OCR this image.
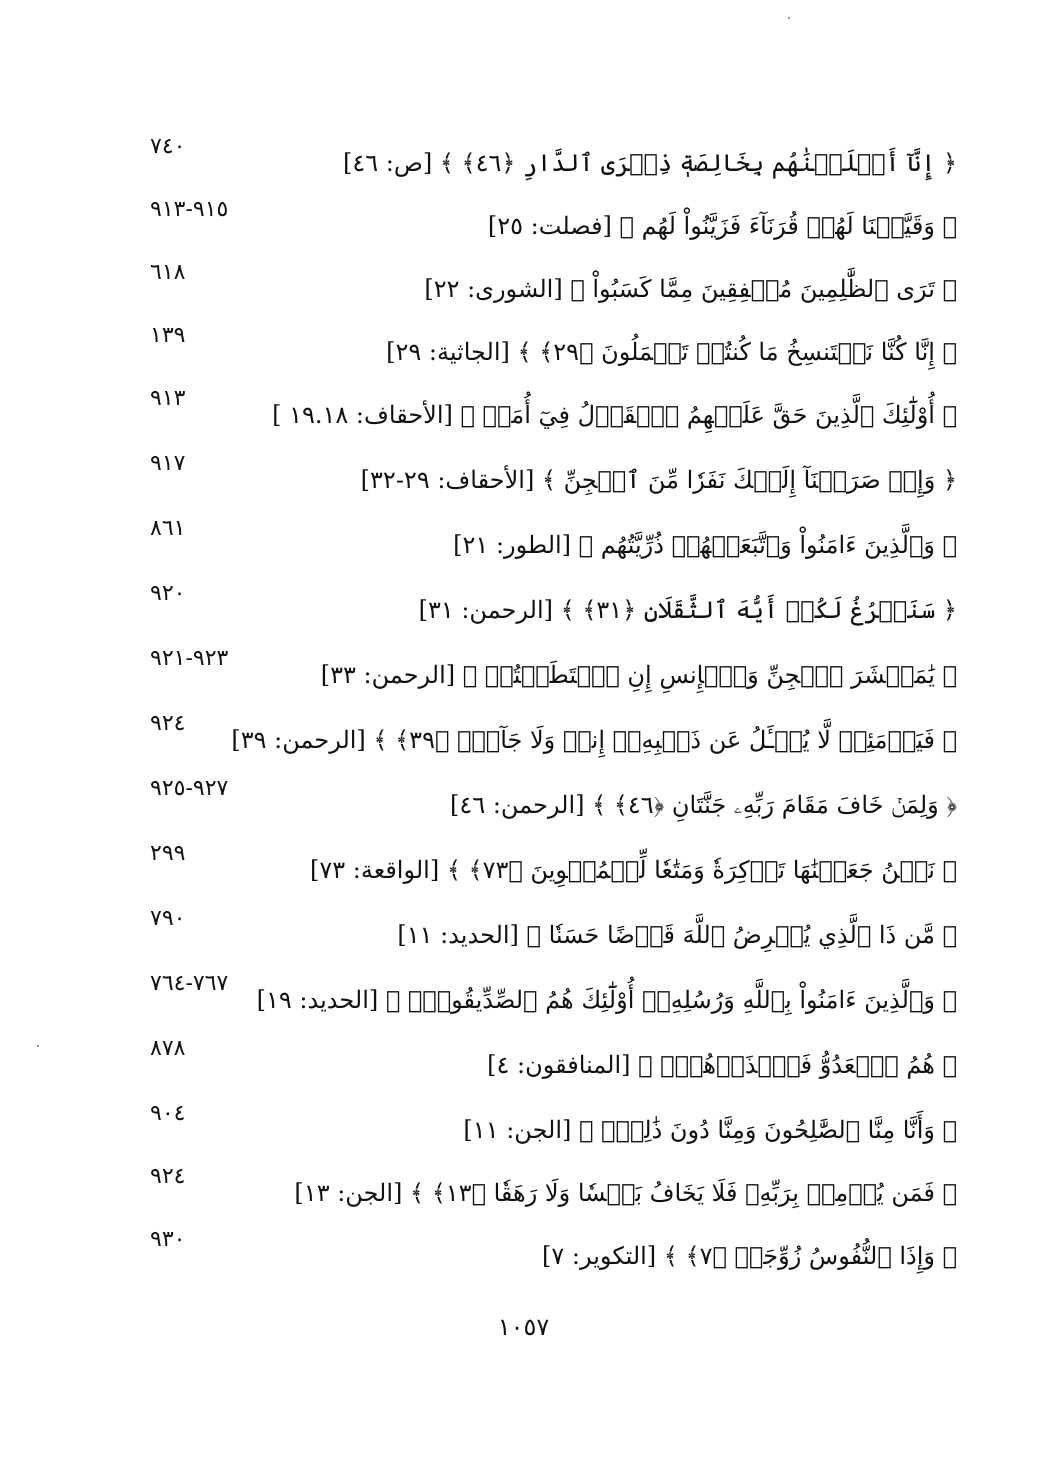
﴿ إِنَّآ أَخۡلَصۡنَٰهُم بِخَالِصَةٖ ذِكۡرَى ٱلدَّارِ ﴿٤٦﴾ ﴾ [ص: ٤٦]
٧٤٠
﴿ وَقَيَّضۡنَا لَهُمۡ قُرَنَآءَ فَزَيَّنُواْ لَهُم ﴾ [فصلت: ٢٥]
٩١٥-٩١٣
﴿ تَرَى ٱلظَّٰلِمِينَ مُشۡفِقِينَ مِمَّا كَسَبُواْ ﴾ [الشورى: ٢٢]
٦١٨
﴿ إِنَّا كُنَّا نَسۡتَنسِخُ مَا كُنتُمۡ تَعۡمَلُونَ ﴿٢٩﴾ ﴾ [الجاثية: ٢٩]
١٣٩
﴿ أُوْلَٰٓئِكَ ٱلَّذِينَ حَقَّ عَلَيۡهِمُ ٱلۡقَوۡلُ فِيٓ أُمَمٖ ﴾ [الأحقاف: ١٩.١٨ ]
٩١٣
﴿ وَإِذۡ صَرَفۡنَآ إِلَيۡكَ نَفَرٗا مِّنَ ٱلۡجِنِّ ﴾ [الأحقاف: ٢٩-٣٢]
٩١٧
﴿ وَٱلَّذِينَ ءَامَنُواْ وَٱتَّبَعَتۡهُمۡ ذُرِّيَّتُهُم ﴾ [الطور: ٢١]
٨٦١
﴿ سَنَفۡرُغُ لَكُمۡ أَيُّهَ ٱلثَّقَلَانِ ﴿٣١﴾ ﴾ [الرحمن: ٣١]
٩٢٠
﴿ يَٰمَعۡشَرَ ٱلۡجِنِّ وَٱلۡإِنسِ إِنِ ٱسۡتَطَعۡتُمۡ ﴾ [الرحمن: ٣٣]
٩٢٣-٩٢١
﴿ فَيَوۡمَئِذٖ لَّا يُسۡـَٔلُ عَن ذَنۢبِهِۦٓ إِنسٞ وَلَا جَآنّٞ ﴿٣٩﴾ ﴾ [الرحمن: ٣٩]
٩٢٤
﴿ وَلِمَنۡ خَافَ مَقَامَ رَبِّهِۦ جَنَّتَانِ ﴿٤٦﴾ ﴾ [الرحمن: ٤٦]
٩٢٧-٩٢٥
﴿ نَحۡنُ جَعَلۡنَٰهَا تَذۡكِرَةٗ وَمَتَٰعٗا لِّلۡمُقۡوِينَ ﴿٧٣﴾ ﴾ [الواقعة: ٧٣]
٢٩٩
﴿ مَّن ذَا ٱلَّذِي يُقۡرِضُ ٱللَّهَ قَرۡضًا حَسَنٗا ﴾ [الحديد: ١١]
٧٩٠
﴿ وَٱلَّذِينَ ءَامَنُواْ بِٱللَّهِ وَرُسُلِهِۦٓ أُوْلَٰٓئِكَ هُمُ ٱلصِّدِّيقُونَۖ ﴾ [الحديد: ١٩]
٧٦٧-٧٦٤
﴿ هُمُ ٱلۡعَدُوُّ فَٱحۡذَرۡهُمۡۚ ﴾ [المنافقون: ٤]
٨٧٨
﴿ وَأَنَّا مِنَّا ٱلصَّٰلِحُونَ وَمِنَّا دُونَ ذَٰلِكَۖ ﴾ [الجن: ١١]
٩٠٤
﴿ فَمَن يُؤۡمِنۢ بِرَبِّهِۦ فَلَا يَخَافُ بَخۡسٗا وَلَا رَهَقٗا ﴿١٣﴾ ﴾ [الجن: ١٣]
٩٢٤
﴿ وَإِذَا ٱلنُّفُوسُ زُوِّجَتۡ ﴿٧﴾ ﴾ [التكوير: ٧]
٩٣٠
١٠٥٧
